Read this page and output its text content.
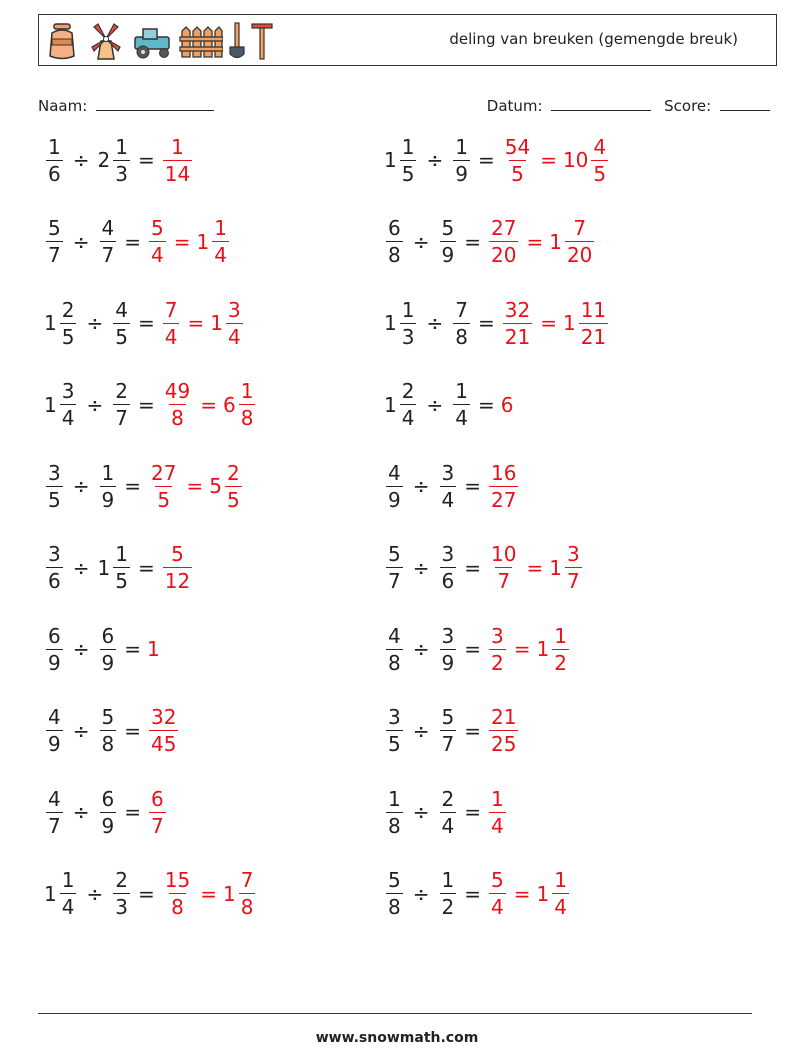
deling van breuken (gemengde breuk)
Naam:	Datum:	Score:
$\frac{1}{6} \div 2 \frac{1}{3} = \frac{1}{14}$	$1 \frac{1}{5} \div \frac{1}{9} = \frac{54}{5} = 10 \frac{4}{5}$
$\frac{5}{7} \div \frac{4}{7} = \frac{5}{4} = 1 \frac{1}{4}$	$\frac{6}{8} \div \frac{5}{9} = \frac{27}{20} = 1 \frac{7}{20}$
$1 \frac{2}{5} \div \frac{4}{5} = \frac{7}{4} = 1 \frac{3}{4}$	$1 \frac{1}{3} \div \frac{7}{8} = \frac{32}{21} = 1 \frac{11}{21}$
$1 \frac{3}{4} \div \frac{2}{7} = \frac{49}{8} = 6 \frac{1}{8}$	$1 \frac{2}{4} \div \frac{1}{4} = 6$
$\frac{3}{5} \div \frac{1}{9} = \frac{27}{5} = 5 \frac{2}{5}$	$\frac{4}{9} \div \frac{3}{4} = \frac{16}{27}$
$\frac{3}{6} \div 1 \frac{1}{5} = \frac{5}{12}$	$\frac{5}{7} \div \frac{3}{6} = \frac{10}{7} = 1 \frac{3}{7}$
$\frac{6}{9} \div \frac{6}{9} = 1$	$\frac{4}{8} \div \frac{3}{9} = \frac{3}{2} = 1 \frac{1}{2}$
$\frac{4}{9} \div \frac{5}{8} = \frac{32}{45}$	$\frac{3}{5} \div \frac{5}{7} = \frac{21}{25}$
$\frac{4}{7} \div \frac{6}{9} = \frac{6}{7}$	$\frac{1}{8} \div \frac{2}{4} = \frac{1}{4}$
$1 \frac{1}{4} \div \frac{2}{3} = \frac{15}{8} = 1 \frac{7}{8}$	$\frac{5}{8} \div \frac{1}{2} = \frac{5}{4} = 1 \frac{1}{4}$
www.snowmath.com
